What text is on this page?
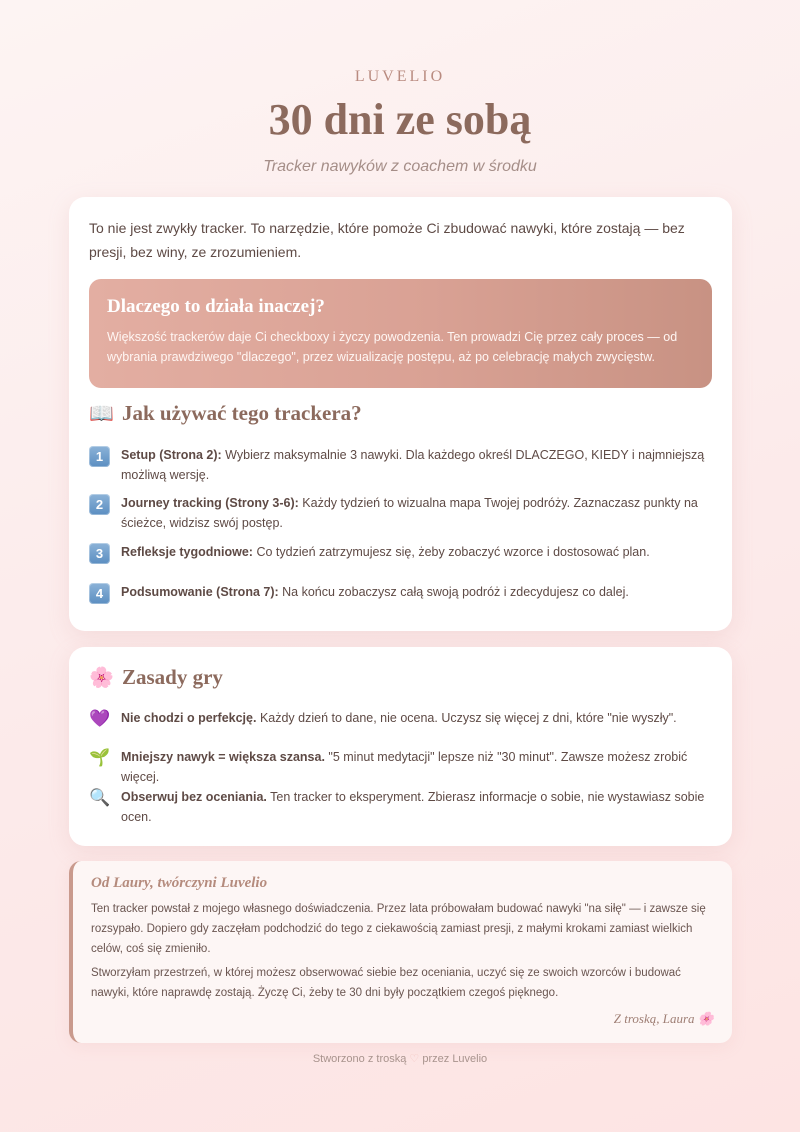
LUVELIO
30 dni ze sobą
Tracker nawyków z coachem w środku

To nie jest zwykły tracker. To narzędzie, które pomoże Ci zbudować nawyki, które zostają — bez presji, bez winy, ze zrozumieniem.

Dlaczego to działa inaczej?
Większość trackerów daje Ci checkboxy i życzy powodzenia. Ten prowadzi Cię przez cały proces — od wybrania prawdziwego "dlaczego", przez wizualizację postępu, aż po celebrację małych zwycięstw.
📖 Jak używać tego trackera?
1	Setup (Strona 2): Wybierz maksymalnie 3 nawyki. Dla każdego określ DLACZEGO, KIEDY i najmniejszą możliwą wersję.
2	Journey tracking (Strony 3-6): Każdy tydzień to wizualna mapa Twojej podróży. Zaznaczasz punkty na ścieżce, widzisz swój postęp.
3	Refleksje tygodniowe: Co tydzień zatrzymujesz się, żeby zobaczyć wzorce i dostosować plan.
4	Podsumowanie (Strona 7): Na końcu zobaczysz całą swoją podróż i zdecydujesz co dalej.
🌸 Zasady gry
💜 Nie chodzi o perfekcję. Każdy dzień to dane, nie ocena. Uczysz się więcej z dni, które "nie wyszły".
🌱 Mniejszy nawyk = większa szansa. "5 minut medytacji" lepsze niż "30 minut". Zawsze możesz zrobić więcej.
🔍 Obserwuj bez oceniania. Ten tracker to eksperyment. Zbierasz informacje o sobie, nie wystawiasz sobie ocen.
Od Laury, twórczyni Luvelio

Ten tracker powstał z mojego własnego doświadczenia. Przez lata próbowałam budować nawyki "na siłę" — i zawsze się rozsypało. Dopiero gdy zaczęłam podchodzić do tego z ciekawością zamiast presji, z małymi krokami zamiast wielkich celów, coś się zmieniło.

Stworzyłam przestrzeń, w której możesz obserwować siebie bez oceniania, uczyć się ze swoich wzorców i budować nawyki, które naprawdę zostają. Życzę Ci, żeby te 30 dni były początkiem czegoś pięknego.

Z troską, Laura 🌸
Stworzono z troską ♡ przez Luvelio
